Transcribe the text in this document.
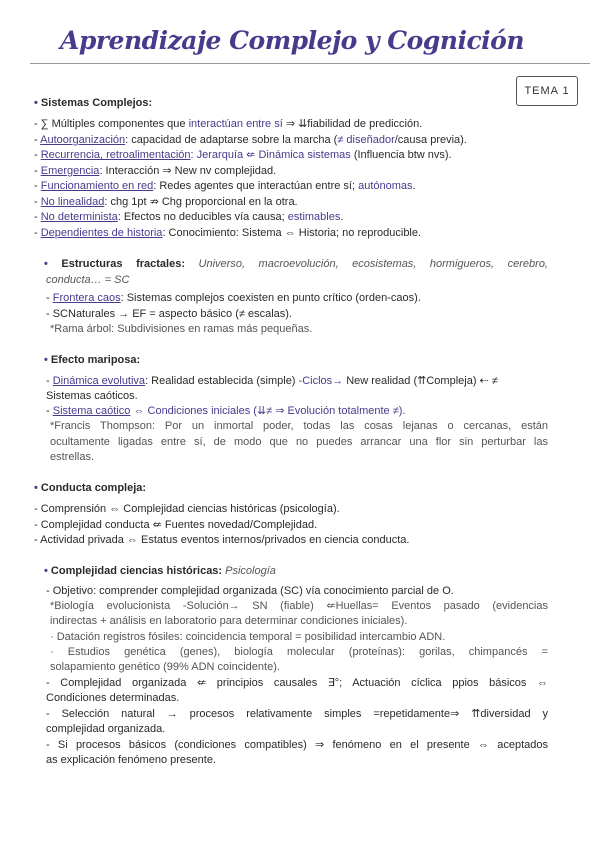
Aprendizaje Complejo y Cognición
TEMA 1
• Sistemas Complejos:
- ∑ Múltiples componentes que interactúan entre sí ⇒ ⇊fiabilidad de predicción.
- Autoorganización: capacidad de adaptarse sobre la marcha (≠ diseñador/causa previa).
- Recurrencia, retroalimentación: Jerarquía ⇍ Dinámica sistemas (Influencia btw nvs).
- Emergencia: Interacción ⇒ New nv complejidad.
- Funcionamiento en red: Redes agentes que interactúan entre sí; autónomas.
- No linealidad: chg 1pt ⇏ Chg proporcional en la otra.
- No determinista: Efectos no deducibles vía causa; estimables.
- Dependientes de historia: Conocimiento: Sistema ⇔ Historia; no reproducible.
• Estructuras fractales: Universo, macroevolución, ecosistemas, hormigueros, cerebro,
conducta… = SC
- Frontera caos: Sistemas complejos coexisten en punto crítico (orden-caos).
- SCNaturales → EF = aspecto básico (≠ escalas).
*Rama árbol: Subdivisiones en ramas más pequeñas.
• Efecto mariposa:
- Dinámica evolutiva: Realidad establecida (simple) -Ciclos→ New realidad (⇈Compleja) ⇠ ≠
Sistemas caóticos.
- Sistema caótico ⇔ Condiciones iniciales (⇊≠ ⇒ Evolución totalmente ≠).
*Francis Thompson: Por un inmortal poder, todas las cosas lejanas o cercanas, están
ocultamente ligadas entre sí, de modo que no puedes arrancar una flor sin perturbar las
estrellas.
• Conducta compleja:
- Comprensión ⇔ Complejidad ciencias históricas (psicología).
- Complejidad conducta ⇍ Fuentes novedad/Complejidad.
- Actividad privada ⇔ Estatus eventos internos/privados en ciencia conducta.
• Complejidad ciencias históricas: Psicología
- Objetivo: comprender complejidad organizada (SC) vía conocimiento parcial de O.
*Biología evolucionista -Solución→ SN (fiable) ⇍Huellas= Eventos pasado (evidencias
indirectas + análisis en laboratorio para determinar condiciones iniciales).
· Datación registros fósiles: coincidencia temporal = posibilidad intercambio ADN.
· Estudios genética (genes), biología molecular (proteínas): gorilas, chimpancés =
solapamiento genético (99% ADN coincidente).
- Complejidad organizada ⇍ principios causales ∃°; Actuación cíclica ppios básicos ⇔
Condiciones determinadas.
- Selección natural → procesos relativamente simples =repetidamente⇒ ⇈diversidad y
complejidad organizada.
- Si procesos básicos (condiciones compatibles) ⇒ fenómeno en el presente ⇔ aceptados
as explicación fenómeno presente.
